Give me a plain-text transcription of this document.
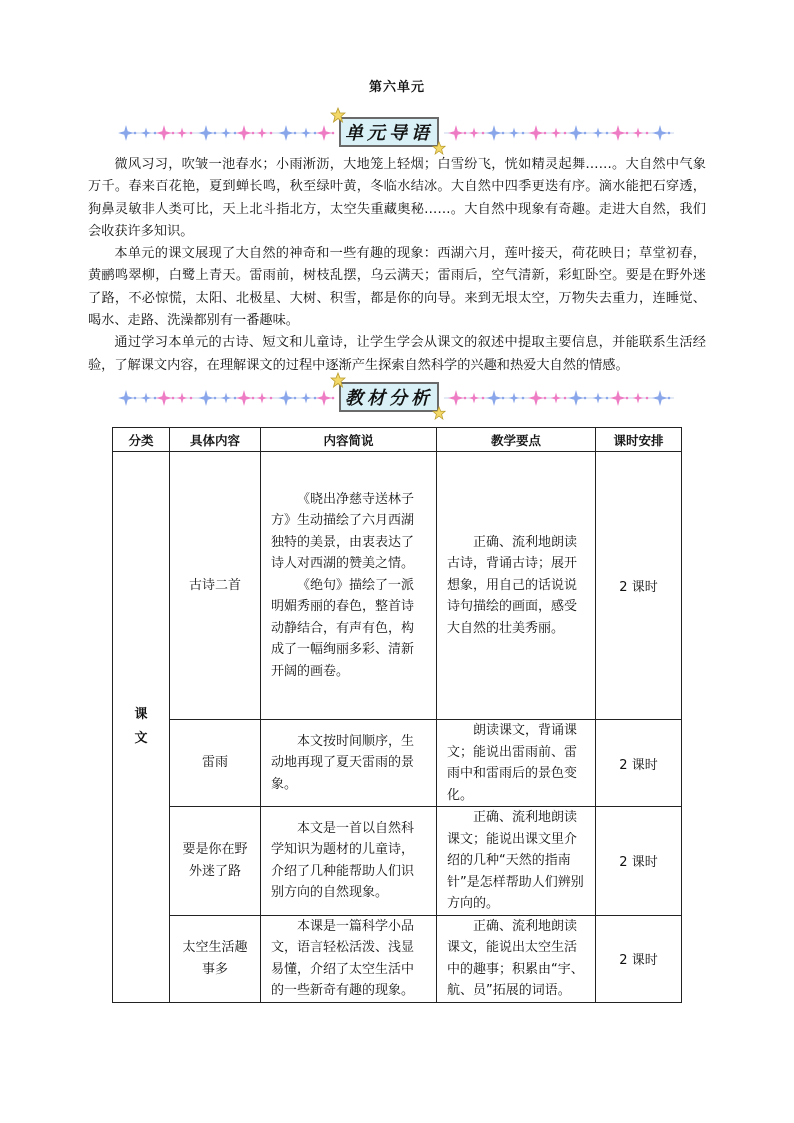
第六单元
单元导语

微风习习，吹皱一池春水；小雨淅沥，大地笼上轻烟；白雪纷飞，恍如精灵起舞……。大自然中气象万千。春来百花艳，夏到蝉长鸣，秋至绿叶黄，冬临水结冰。大自然中四季更迭有序。滴水能把石穿透，狗鼻灵敏非人类可比，天上北斗指北方，太空失重藏奥秘……。大自然中现象有奇趣。走进大自然，我们会收获许多知识。

本单元的课文展现了大自然的神奇和一些有趣的现象：西湖六月，莲叶接天，荷花映日；草堂初春，黄鹂鸣翠柳，白鹭上青天。雷雨前，树枝乱摆，乌云满天；雷雨后，空气清新，彩虹卧空。要是在野外迷了路，不必惊慌，太阳、北极星、大树、积雪，都是你的向导。来到无垠太空，万物失去重力，连睡觉、喝水、走路、洗澡都别有一番趣味。

通过学习本单元的古诗、短文和儿童诗，让学生学会从课文的叙述中提取主要信息，并能联系生活经验，了解课文内容，在理解课文的过程中逐渐产生探索自然科学的兴趣和热爱大自然的情感。

教材分析
分类	具体内容	内容简说	教学要点	课时安排
课文	古诗二首	《晓出净慈寺送林子方》生动描绘了六月西湖独特的美景，由衷表达了诗人对西湖的赞美之情。
《绝句》描绘了一派明媚秀丽的春色，整首诗动静结合，有声有色，构成了一幅绚丽多彩、清新开阔的画卷。	正确、流利地朗读古诗，背诵古诗；展开想象，用自己的话说说诗句描绘的画面，感受大自然的壮美秀丽。	2 课时
	雷雨	本文按时间顺序，生动地再现了夏天雷雨的景象。	朗读课文，背诵课文；能说出雷雨前、雷雨中和雷雨后的景色变化。	2 课时
	要是你在野外迷了路	本文是一首以自然科学知识为题材的儿童诗，介绍了几种能帮助人们识别方向的自然现象。	正确、流利地朗读课文；能说出课文里介绍的几种“天然的指南针”是怎样帮助人们辨别方向的。	2 课时
	太空生活趣事多	本课是一篇科学小品文，语言轻松活泼、浅显易懂，介绍了太空生活中的一些新奇有趣的现象。	正确、流利地朗读课文，能说出太空生活中的趣事；积累由“宇、航、员”拓展的词语。	2 课时
